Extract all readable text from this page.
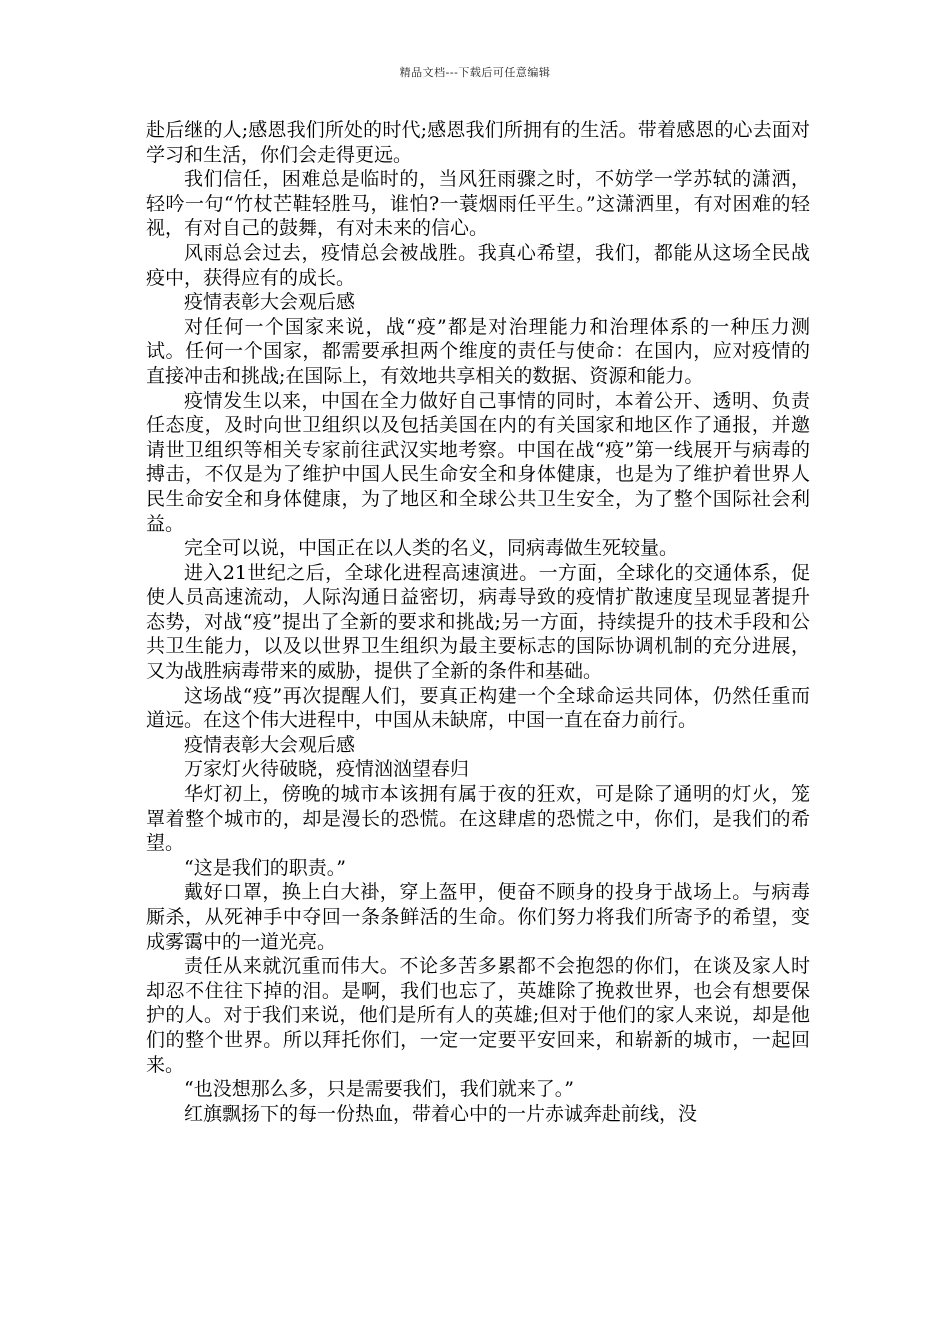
精品文档---下载后可任意编辑

赴后继的人;感恩我们所处的时代;感恩我们所拥有的生活。带着感恩的心去面对学习和生活，你们会走得更远。

我们信任，困难总是临时的，当风狂雨骤之时，不妨学一学苏轼的潇洒，轻吟一句“竹杖芒鞋轻胜马，谁怕?一蓑烟雨任平生。”这潇洒里，有对困难的轻视，有对自己的鼓舞，有对未来的信心。

风雨总会过去，疫情总会被战胜。我真心希望，我们，都能从这场全民战疫中，获得应有的成长。

疫情表彰大会观后感

对任何一个国家来说，战“疫”都是对治理能力和治理体系的一种压力测试。任何一个国家，都需要承担两个维度的责任与使命：在国内，应对疫情的直接冲击和挑战;在国际上，有效地共享相关的数据、资源和能力。

疫情发生以来，中国在全力做好自己事情的同时，本着公开、透明、负责任态度，及时向世卫组织以及包括美国在内的有关国家和地区作了通报，并邀请世卫组织等相关专家前往武汉实地考察。中国在战“疫”第一线展开与病毒的搏击，不仅是为了维护中国人民生命安全和身体健康，也是为了维护着世界人民生命安全和身体健康，为了地区和全球公共卫生安全，为了整个国际社会利益。

完全可以说，中国正在以人类的名义，同病毒做生死较量。

进入21世纪之后，全球化进程高速演进。一方面，全球化的交通体系，促使人员高速流动，人际沟通日益密切，病毒导致的疫情扩散速度呈现显著提升态势，对战“疫”提出了全新的要求和挑战;另一方面，持续提升的技术手段和公共卫生能力，以及以世界卫生组织为最主要标志的国际协调机制的充分进展，又为战胜病毒带来的威胁，提供了全新的条件和基础。

这场战“疫”再次提醒人们，要真正构建一个全球命运共同体，仍然任重而道远。在这个伟大进程中，中国从未缺席，中国一直在奋力前行。

疫情表彰大会观后感

万家灯火待破晓，疫情汹汹望春归

华灯初上，傍晚的城市本该拥有属于夜的狂欢，可是除了通明的灯火，笼罩着整个城市的，却是漫长的恐慌。在这肆虐的恐慌之中，你们，是我们的希望。

“这是我们的职责。”

戴好口罩，换上白大褂，穿上盔甲，便奋不顾身的投身于战场上。与病毒厮杀，从死神手中夺回一条条鲜活的生命。你们努力将我们所寄予的希望，变成雾霭中的一道光亮。

责任从来就沉重而伟大。不论多苦多累都不会抱怨的你们，在谈及家人时却忍不住往下掉的泪。是啊，我们也忘了，英雄除了挽救世界，也会有想要保护的人。对于我们来说，他们是所有人的英雄;但对于他们的家人来说，却是他们的整个世界。所以拜托你们，一定一定要平安回来，和崭新的城市，一起回来。

“也没想那么多，只是需要我们，我们就来了。”

红旗飘扬下的每一份热血，带着心中的一片赤诚奔赴前线，没
